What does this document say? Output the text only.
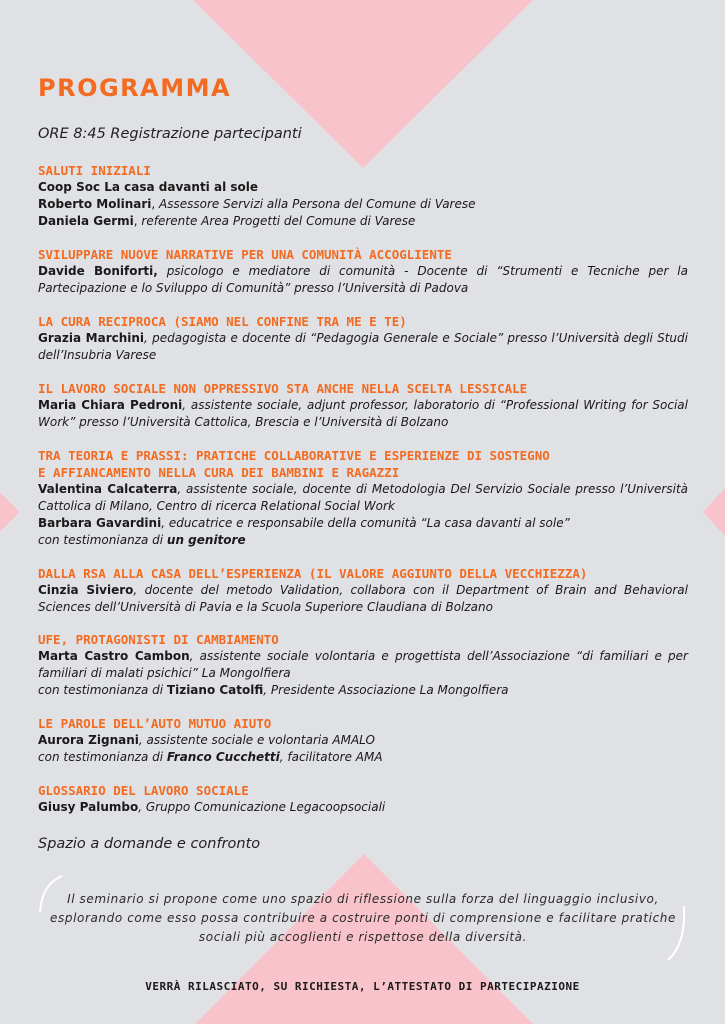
PROGRAMMA
ORE 8:45 Registrazione partecipanti
SALUTI INIZIALI
Coop Soc La casa davanti al sole
Roberto Molinari, Assessore Servizi alla Persona del Comune di Varese
Daniela Germi, referente Area Progetti del Comune di Varese
SVILUPPARE NUOVE NARRATIVE PER UNA COMUNITÀ ACCOGLIENTE
Davide Boniforti, psicologo e mediatore di comunità - Docente di “Strumenti e Tecniche per la Partecipazione e lo Sviluppo di Comunità” presso l’Università di Padova
LA CURA RECIPROCA (SIAMO NEL CONFINE TRA ME E TE)
Grazia Marchini, pedagogista e docente di “Pedagogia Generale e Sociale” presso l’Università degli Studi dell’Insubria Varese
IL LAVORO SOCIALE NON OPPRESSIVO STA ANCHE NELLA SCELTA LESSICALE
Maria Chiara Pedroni, assistente sociale, adjunt professor, laboratorio di “Professional Writing for Social Work” presso l’Università Cattolica, Brescia e l’Università di Bolzano
TRA TEORIA E PRASSI: PRATICHE COLLABORATIVE E ESPERIENZE DI SOSTEGNO
E AFFIANCAMENTO NELLA CURA DEI BAMBINI E RAGAZZI
Valentina Calcaterra, assistente sociale, docente di Metodologia Del Servizio Sociale presso l’Università Cattolica di Milano, Centro di ricerca Relational Social Work
Barbara Gavardini, educatrice e responsabile della comunità “La casa davanti al sole”
con testimonianza di un genitore
DALLA RSA ALLA CASA DELL’ESPERIENZA (IL VALORE AGGIUNTO DELLA VECCHIEZZA)
Cinzia Siviero, docente del metodo Validation, collabora con il Department of Brain and Behavioral Sciences dell’Università di Pavia e la Scuola Superiore Claudiana di Bolzano
UFE, PROTAGONISTI DI CAMBIAMENTO
Marta Castro Cambon, assistente sociale volontaria e progettista dell’Associazione “di familiari e per familiari di malati psichici” La Mongolfiera
con testimonianza di Tiziano Catolfi, Presidente Associazione La Mongolfiera
LE PAROLE DELL’AUTO MUTUO AIUTO
Aurora Zignani, assistente sociale e volontaria AMALO
con testimonianza di Franco Cucchetti, facilitatore AMA
GLOSSARIO DEL LAVORO SOCIALE
Giusy Palumbo, Gruppo Comunicazione Legacoopsociali
Spazio a domande e confronto
Il seminario si propone come uno spazio di riflessione sulla forza del linguaggio inclusivo, esplorando come esso possa contribuire a costruire ponti di comprensione e facilitare pratiche sociali più accoglienti e rispettose della diversità.
VERRÀ RILASCIATO, SU RICHIESTA, L’ATTESTATO DI PARTECIPAZIONE
